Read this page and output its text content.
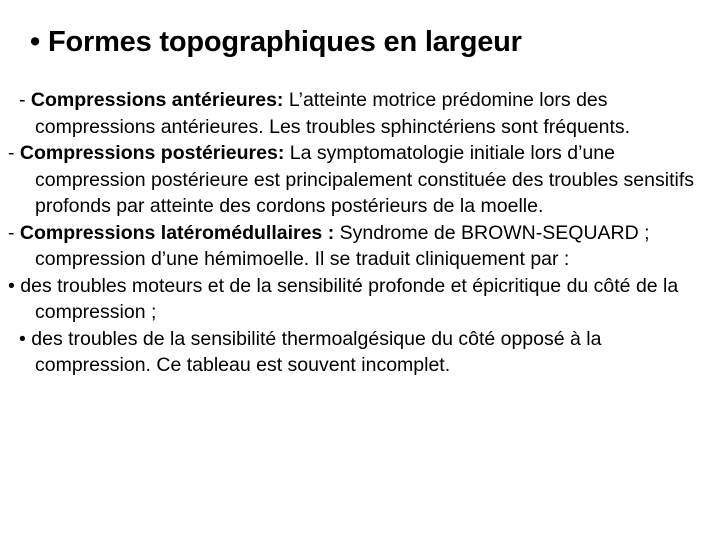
• Formes topographiques en largeur

- Compressions antérieures: L’atteinte motrice prédomine lors des compressions antérieures. Les troubles sphinctériens sont fréquents.

- Compressions postérieures: La symptomatologie initiale lors d’une compression postérieure est principalement constituée des troubles sensitifs profonds par atteinte des cordons postérieurs de la moelle.

- Compressions latéromédullaires : Syndrome de BROWN-SEQUARD ; compression d’une hémimoelle. Il se traduit cliniquement par :

• des troubles moteurs et de la sensibilité profonde et épicritique du côté de la compression ;

• des troubles de la sensibilité thermoalgésique du côté opposé à la compression. Ce tableau est souvent incomplet.
